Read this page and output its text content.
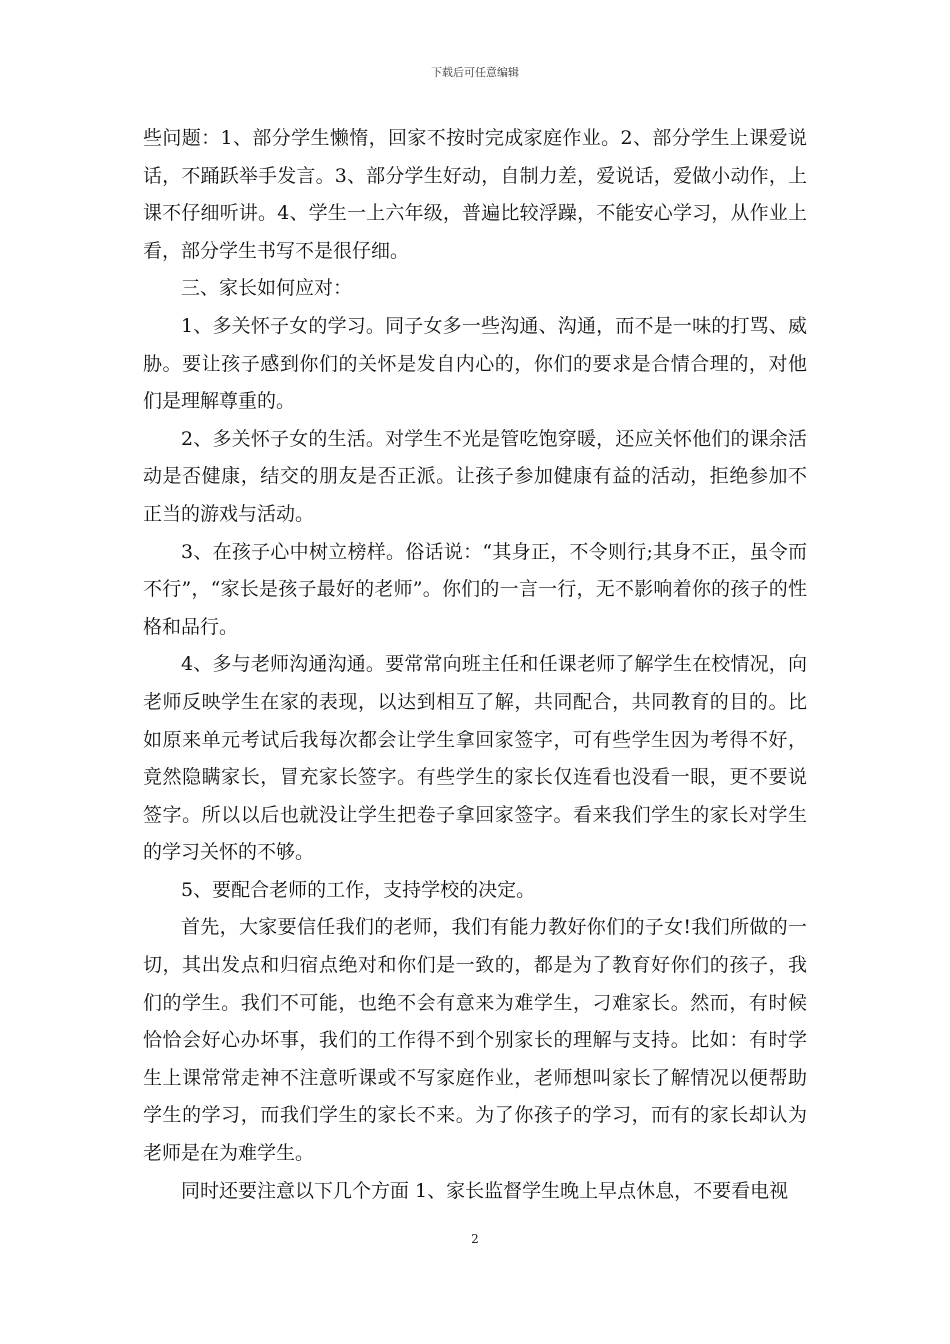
下载后可任意编辑

些问题：1、部分学生懒惰，回家不按时完成家庭作业。2、部分学生上课爱说话，不踊跃举手发言。3、部分学生好动，自制力差，爱说话，爱做小动作，上课不仔细听讲。4、学生一上六年级，普遍比较浮躁，不能安心学习，从作业上看，部分学生书写不是很仔细。

三、家长如何应对：

1、多关怀子女的学习。同子女多一些沟通、沟通，而不是一味的打骂、威胁。要让孩子感到你们的关怀是发自内心的，你们的要求是合情合理的，对他们是理解尊重的。

2、多关怀子女的生活。对学生不光是管吃饱穿暖，还应关怀他们的课余活动是否健康，结交的朋友是否正派。让孩子参加健康有益的活动，拒绝参加不正当的游戏与活动。

3、在孩子心中树立榜样。俗话说：“其身正，不令则行;其身不正，虽令而不行”，“家长是孩子最好的老师”。你们的一言一行，无不影响着你的孩子的性格和品行。

4、多与老师沟通沟通。要常常向班主任和任课老师了解学生在校情况，向老师反映学生在家的表现，以达到相互了解，共同配合，共同教育的目的。比如原来单元考试后我每次都会让学生拿回家签字，可有些学生因为考得不好，竟然隐瞒家长，冒充家长签字。有些学生的家长仅连看也没看一眼，更不要说签字。所以以后也就没让学生把卷子拿回家签字。看来我们学生的家长对学生的学习关怀的不够。

5、要配合老师的工作，支持学校的决定。

首先，大家要信任我们的老师，我们有能力教好你们的子女!我们所做的一切，其出发点和归宿点绝对和你们是一致的，都是为了教育好你们的孩子，我们的学生。我们不可能，也绝不会有意来为难学生，刁难家长。然而，有时候恰恰会好心办坏事，我们的工作得不到个别家长的理解与支持。比如：有时学生上课常常走神不注意听课或不写家庭作业，老师想叫家长了解情况以便帮助学生的学习，而我们学生的家长不来。为了你孩子的学习，而有的家长却认为老师是在为难学生。

同时还要注意以下几个方面 1、家长监督学生晚上早点休息，不要看电视

2
